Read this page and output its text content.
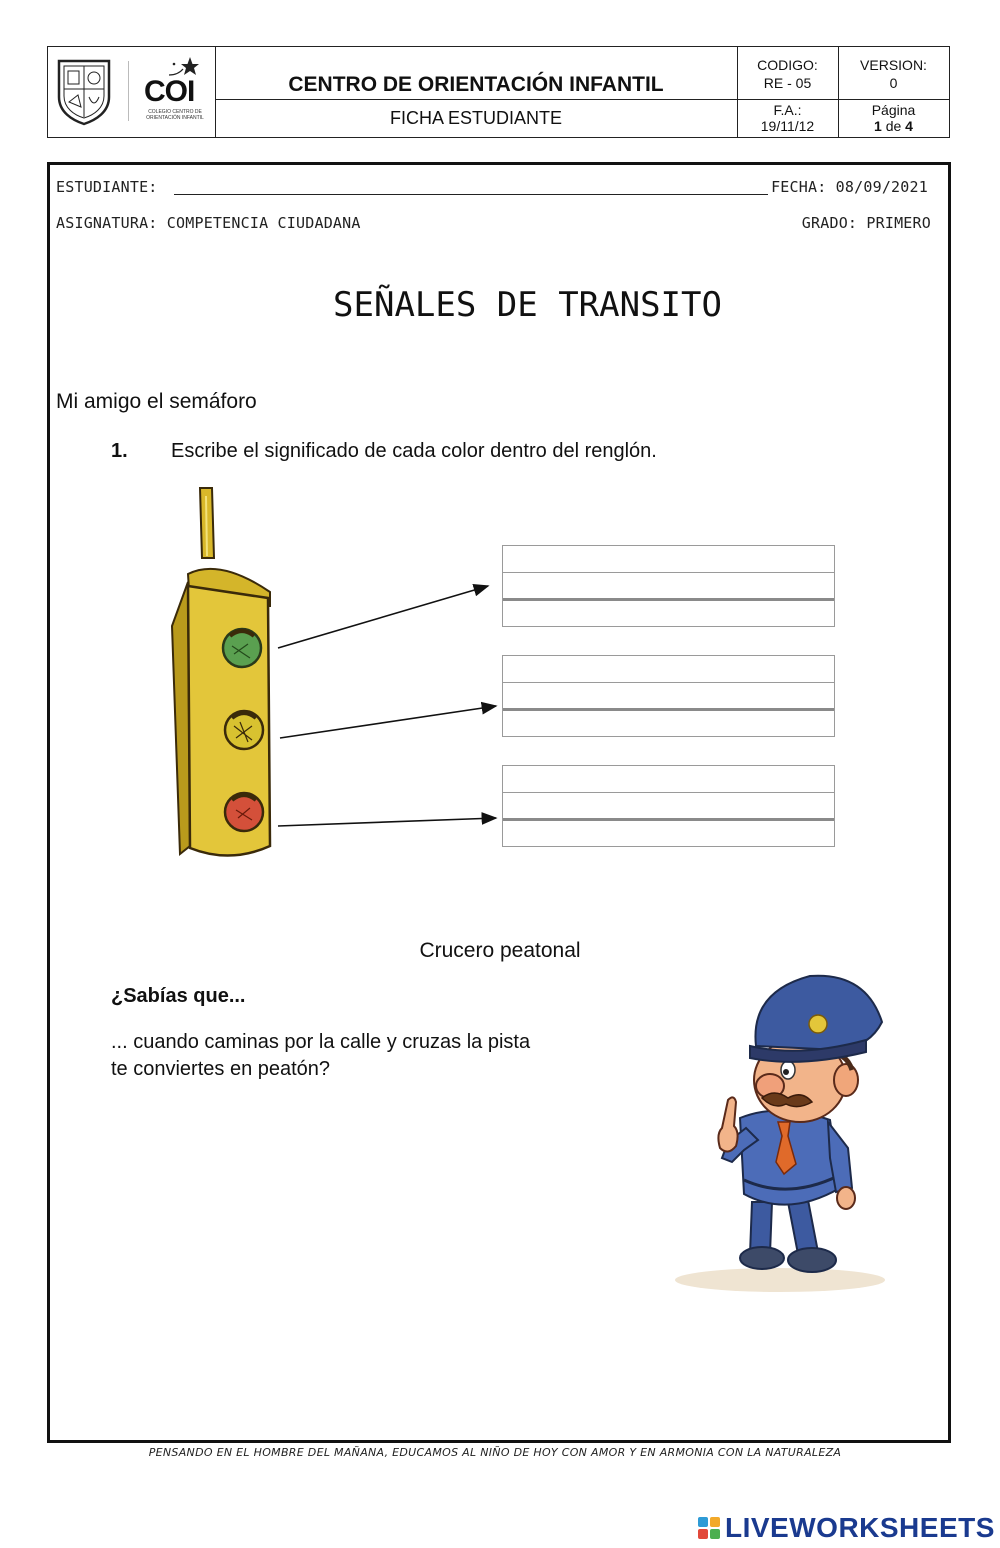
COI
COLEGIO CENTRO DE ORIENTACIÓN INFANTIL
CENTRO DE ORIENTACIÓN INFANTIL
FICHA ESTUDIANTE
CODIGO:
RE - 05
F.A.:
19/11/12
VERSION:
0
Página
1 de 4
ESTUDIANTE:	FECHA: 08/09/2021
ASIGNATURA: COMPETENCIA CIUDADANA	GRADO: PRIMERO
SEÑALES DE TRANSITO
Mi amigo el semáforo
1. Escribe el significado de cada color dentro del renglón.
Crucero peatonal
¿Sabías que...
... cuando caminas por la calle y cruzas la pista te conviertes en peatón?
PENSANDO EN EL HOMBRE DEL MAÑANA, EDUCAMOS AL NIÑO DE HOY CON AMOR Y EN ARMONIA CON LA NATURALEZA
LIVEWORKSHEETS
